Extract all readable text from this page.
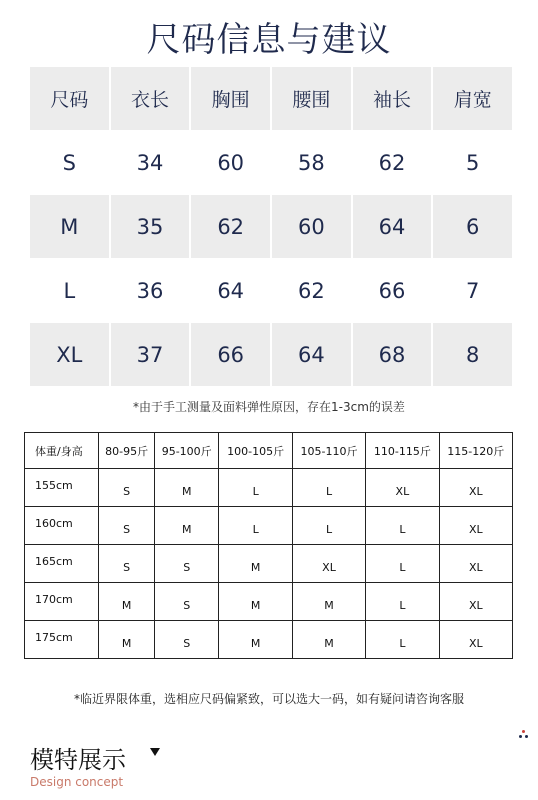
尺码信息与建议
尺码	衣长	胸围	腰围	袖长	肩宽
S	34	60	58	62	5
M	35	62	60	64	6
L	36	64	62	66	7
XL	37	66	64	68	8
*由于手工测量及面料弹性原因，存在1-3cm的误差
体重/身高	80-95斤	95-100斤	100-105斤	105-110斤	110-115斤	115-120斤
155cm	S	M	L	L	XL	XL
160cm	S	M	L	L	L	XL
165cm	S	S	M	XL	L	XL
170cm	M	S	M	M	L	XL
175cm	M	S	M	M	L	XL
*临近界限体重，选相应尺码偏紧致，可以选大一码，如有疑问请咨询客服
模特展示
Design concept
